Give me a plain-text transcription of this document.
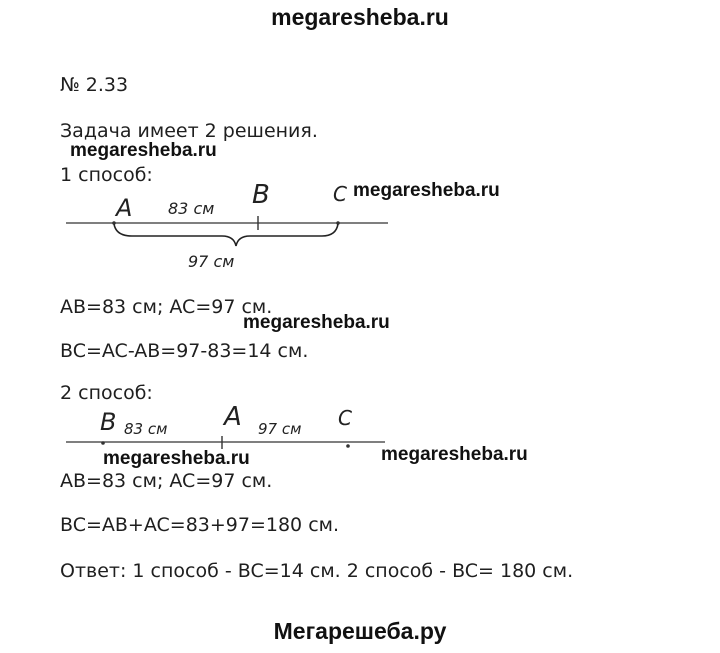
megaresheba.ru
№ 2.33
Задача имеет 2 решения.
megaresheba.ru
1 способ:
megaresheba.ru
A 83 см B	C
97 см
AB=83 см; AC=97 см.
megaresheba.ru
BC=AC-AB=97-83=14 см.
2 способ:
B 83 см A 97 см C
megaresheba.ru	megaresheba.ru
AB=83 см; AC=97 см.
BC=AB+AC=83+97=180 см.
Ответ: 1 способ - BC=14 см. 2 способ - BC= 180 см.
Мегарешеба.ру
